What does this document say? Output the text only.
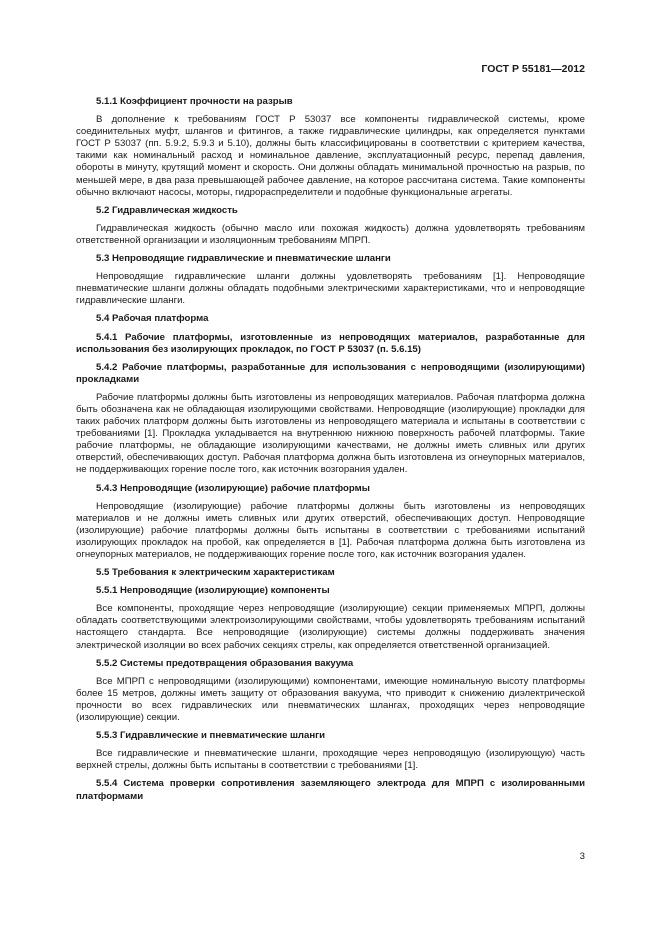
ГОСТ Р 55181—2012

5.1.1 Коэффициент прочности на разрыв

В дополнение к требованиям ГОСТ Р 53037 все компоненты гидравлической системы, кроме соединительных муфт, шлангов и фитингов, а также гидравлические цилиндры, как определяется пунктами ГОСТ Р 53037 (пп. 5.9.2, 5.9.3 и 5.10), должны быть классифицированы в соответствии с критерием качества, такими как номинальный расход и номинальное давление, эксплуатационный ресурс, перепад давления, обороты в минуту, крутящий момент и скорость. Они должны обладать минимальной прочностью на разрыв, по меньшей мере, в два раза превышающей рабочее давление, на которое рассчитана система. Такие компоненты обычно включают насосы, моторы, гидрораспределители и подобные функциональные агрегаты.

5.2 Гидравлическая жидкость

Гидравлическая жидкость (обычно масло или похожая жидкость) должна удовлетворять требованиям ответственной организации и изоляционным требованиям МПРП.

5.3 Непроводящие гидравлические и пневматические шланги

Непроводящие гидравлические шланги должны удовлетворять требованиям [1]. Непроводящие пневматические шланги должны обладать подобными электрическими характеристиками, что и непроводящие гидравлические шланги.

5.4 Рабочая платформа

5.4.1 Рабочие платформы, изготовленные из непроводящих материалов, разработанные для использования без изолирующих прокладок, по ГОСТ Р 53037 (п. 5.6.15)

5.4.2 Рабочие платформы, разработанные для использования с непроводящими (изолирующими) прокладками

Рабочие платформы должны быть изготовлены из непроводящих материалов. Рабочая платформа должна быть обозначена как не обладающая изолирующими свойствами. Непроводящие (изолирующие) прокладки для таких рабочих платформ должны быть изготовлены из непроводящего материала и испытаны в соответствии с требованиями [1]. Прокладка укладывается на внутреннюю нижнюю поверхность рабочей платформы. Такие рабочие платформы, не обладающие изолирующими качествами, не должны иметь сливных или других отверстий, обеспечивающих доступ. Рабочая платформа должна быть изготовлена из огнеупорных материалов, не поддерживающих горение после того, как источник возгорания удален.

5.4.3 Непроводящие (изолирующие) рабочие платформы

Непроводящие (изолирующие) рабочие платформы должны быть изготовлены из непроводящих материалов и не должны иметь сливных или других отверстий, обеспечивающих доступ. Непроводящие (изолирующие) рабочие платформы должны быть испытаны в соответствии с требованиями испытаний изолирующих прокладок на пробой, как определяется в [1]. Рабочая платформа должна быть изготовлена из огнеупорных материалов, не поддерживающих горение после того, как источник возгорания удален.

5.5 Требования к электрическим характеристикам

5.5.1 Непроводящие (изолирующие) компоненты

Все компоненты, проходящие через непроводящие (изолирующие) секции применяемых МПРП, должны обладать соответствующими электроизолирующими свойствами, чтобы удовлетворять требованиям испытаний настоящего стандарта. Все непроводящие (изолирующие) системы должны поддерживать значения электрической изоляции во всех рабочих секциях стрелы, как определяется ответственной организацией.

5.5.2 Системы предотвращения образования вакуума

Все МПРП с непроводящими (изолирующими) компонентами, имеющие номинальную высоту платформы более 15 метров, должны иметь защиту от образования вакуума, что приводит к снижению диэлектрической прочности во всех гидравлических или пневматических шлангах, проходящих через непроводящие (изолирующие) секции.

5.5.3 Гидравлические и пневматические шланги

Все гидравлические и пневматические шланги, проходящие через непроводящую (изолирующую) часть верхней стрелы, должны быть испытаны в соответствии с требованиями [1].

5.5.4 Система проверки сопротивления заземляющего электрода для МПРП с изолированными платформами

3
